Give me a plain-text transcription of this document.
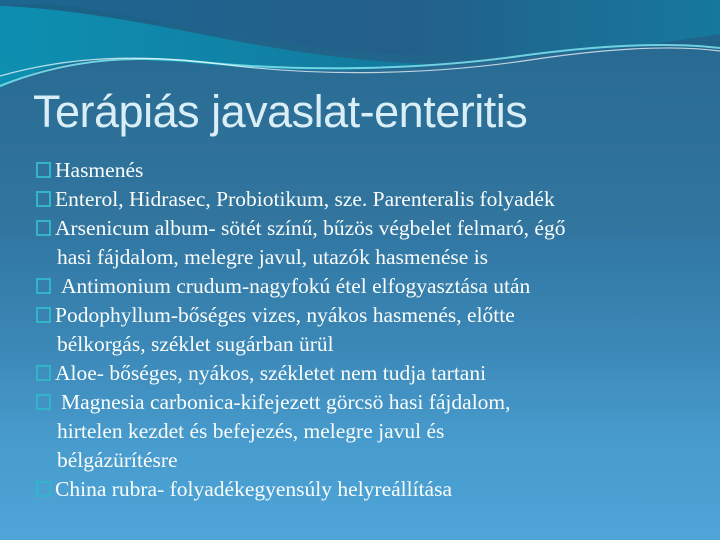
Terápiás javaslat-enteritis
Hasmenés
Enterol, Hidrasec, Probiotikum, sze. Parenteralis folyadék
Arsenicum album- sötét színű, bűzös végbelet felmaró, égő
hasi fájdalom, melegre javul, utazók hasmenése is
Antimonium crudum-nagyfokú étel elfogyasztása után
Podophyllum-bőséges vizes, nyákos hasmenés, előtte
bélkorgás, széklet sugárban ürül
Aloe- bőséges, nyákos, székletet nem tudja tartani
Magnesia carbonica-kifejezett görcsö hasi fájdalom,
hirtelen kezdet és befejezés, melegre javul és
bélgázürítésre
China rubra- folyadékegyensúly helyreállítása
